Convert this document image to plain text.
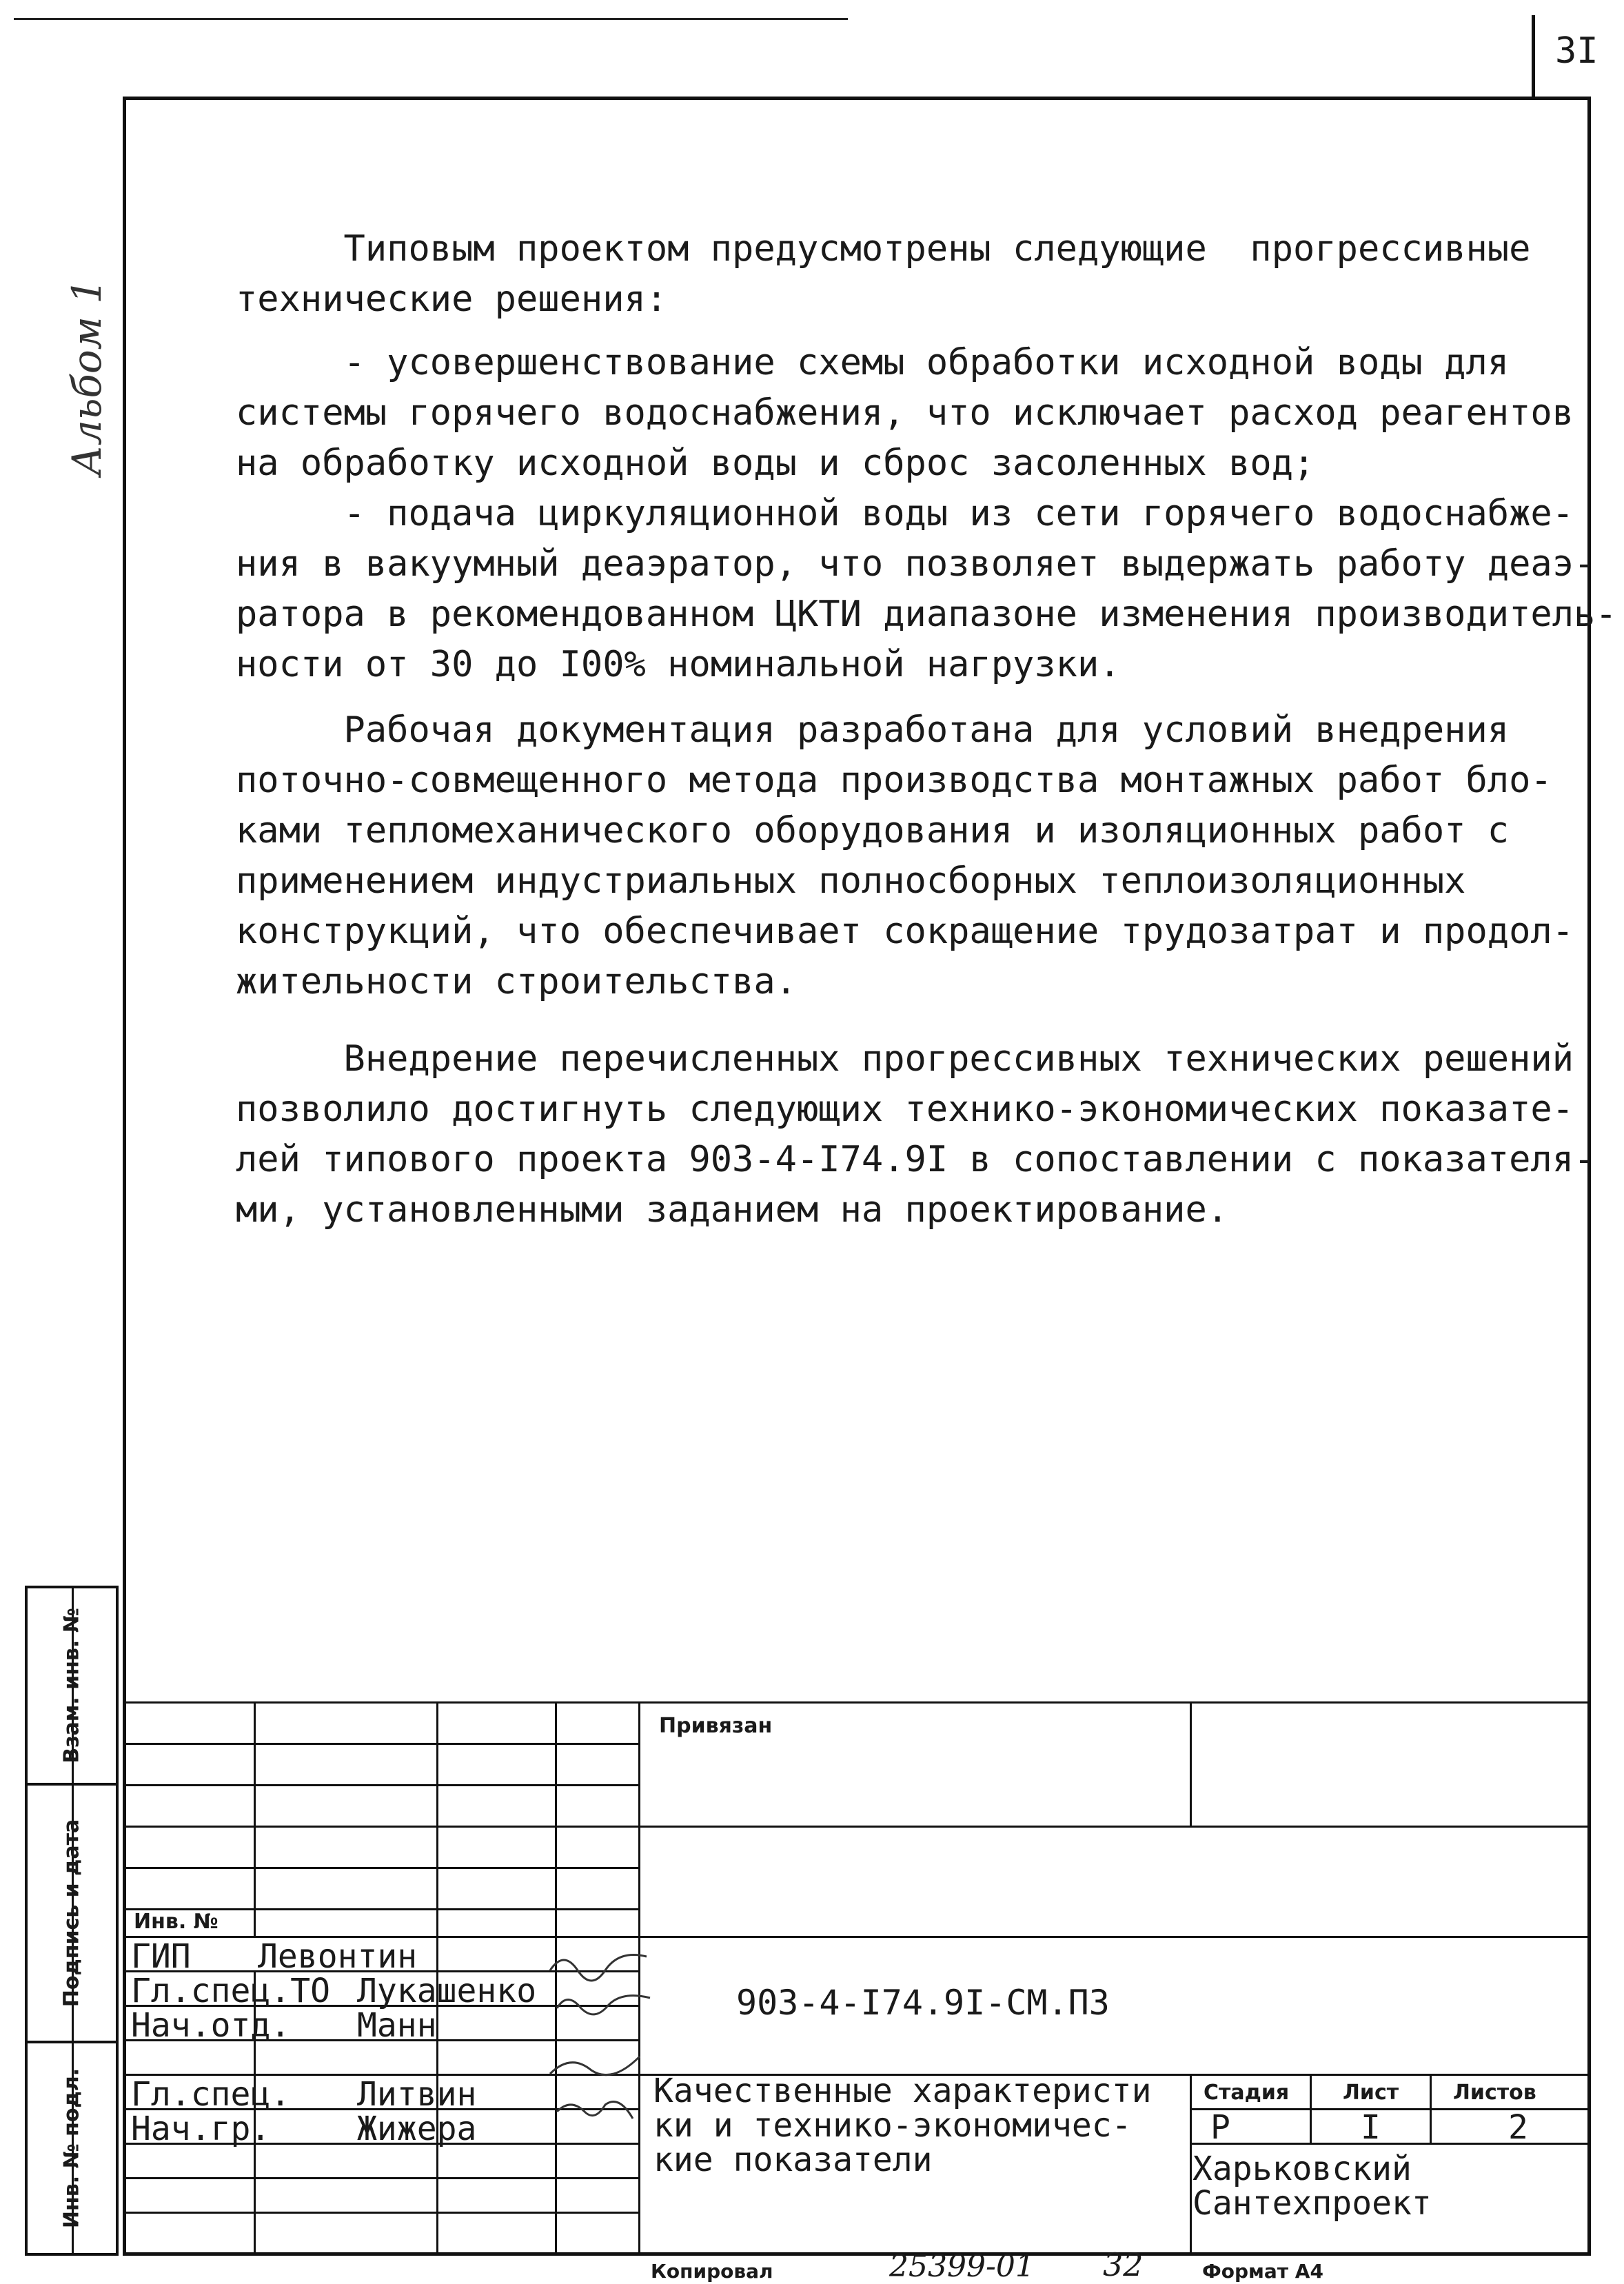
3I
Альбом 1
Типовым проектом предусмотрены следующие  прогрессивные
технические решения:
- усовершенствование схемы обработки исходной воды для
системы горячего водоснабжения, что исключает расход реагентов
на обработку исходной воды и сброс засоленных вод;
- подача циркуляционной воды из сети горячего водоснабже-
ния в вакуумный деаэратор, что позволяет выдержать работу деаэ-
ратора в рекомендованном ЦКТИ диапазоне изменения производитель-
ности от 30 до I00% номинальной нагрузки.
Рабочая документация разработана для условий внедрения
поточно-совмещенного метода производства монтажных работ бло-
ками тепломеханического оборудования и изоляционных работ с
применением индустриальных полносборных теплоизоляционных
конструкций, что обеспечивает сокращение трудозатрат и продол-
жительности строительства.
Внедрение перечисленных прогрессивных технических решений
позволило достигнуть следующих технико-экономических показате-
лей типового проекта 903-4-I74.9I в сопоставлении с показателя-
ми, установленными заданием на проектирование.
Взам. инв. №
Подпись и дата
Инв. № подл.
Привязан
Инв. №
903-4-I74.9I-CM.ПЗ
ГИП Левонтин
Гл.спец.ТО Лукашенко
Нач.отд. Манн
Гл.спец. Литвин
Нач.гр.	Жижера
Качественные характеристи
ки и технико-экономичес-
кие показатели
Стадия	Лист	Листов
Р	I	2
Харьковский
Сантехпроект
Копировал	25399-01 32	Формат А4
